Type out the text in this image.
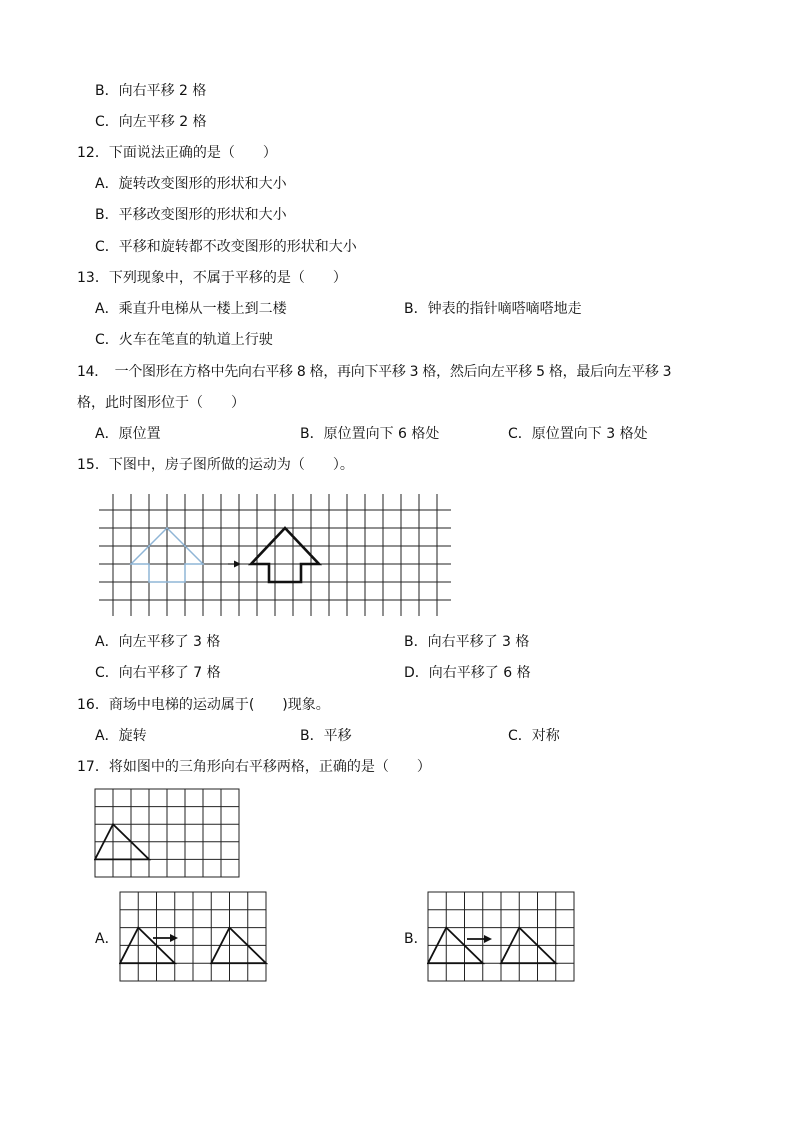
B．向右平移 2 格
C．向左平移 2 格
12．下面说法正确的是（　　）
A．旋转改变图形的形状和大小
B．平移改变图形的形状和大小
C．平移和旋转都不改变图形的形状和大小
13．下列现象中，不属于平移的是（　　）
A．乘直升电梯从一楼上到二楼	B．钟表的指针嘀嗒嘀嗒地走
C．火车在笔直的轨道上行驶
14．　一个图形在方格中先向右平移 8 格，再向下平移 3 格，然后向左平移 5 格，最后向左平移 3
格，此时图形位于（　　）
A．原位置	B．原位置向下 6 格处	C．原位置向下 3 格处
15．下图中，房子图所做的运动为（　　）。
A．向左平移了 3 格	B．向右平移了 3 格
C．向右平移了 7 格	D．向右平移了 6 格
16．商场中电梯的运动属于(　　)现象。
A．旋转	B．平移	C．对称
17．将如图中的三角形向右平移两格，正确的是（　　）
A．	B．
